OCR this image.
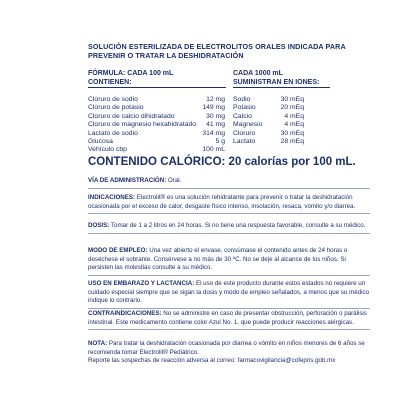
SOLUCIÓN ESTERILIZADA DE ELECTROLITOS ORALES INDICADA PARA PREVENIR O TRATAR LA DESHIDRATACIÓN
FÓRMULA: CADA 100 mL
CONTIENEN:
CADA 1000 mL
SUMINISTRAN EN IONES:
Cloruro de sodio	12 mg
Cloruro de potasio	149 mg
Cloruro de calcio dihidratado	30 mg
Cloruro de magnesio hexahidratado	41 mg
Lactato de sodio	314 mg
Glucosa	5 g
Vehículo cbp	100 mL
Sodio	30 mEq
Potasio	20 mEq
Calcio	4 mEq
Magnesio	4 mEq
Cloruro	30 mEq
Lactato	28 mEq
CONTENIDO CALÓRICO: 20 calorías por 100 mL.
VÍA DE ADMINISTRACIÓN: Oral.
INDICACIONES: Electrolit® es una solución rehidratante para prevenir o tratar la deshidratación ocasionada por el exceso de calor, desgaste físico intenso, insolación, resaca, vómito y/o diarrea.
DOSIS: Tomar de 1 a 2 litros en 24 horas. Si no tiene una respuesta favorable, consulte a su médico.
MODO DE EMPLEO: Una vez abierto el envase, consúmase el contenido antes de 24 horas o deséchese el sobrante. Consérvese a no más de 30 ºC. No se deje al alcance de los niños. Si persisten las molestias consulte a su médico.
USO EN EMBARAZO Y LACTANCIA: El uso de este producto durante estos estados no requiere un cuidado especial siempre que se sigan la dosis y modo de empleo señalados, a menos que su médico indique lo contrario.
CONTRAINDICACIONES: No se administre en caso de presentar obstrucción, perforación o parálisis intestinal. Este medicamento contiene color Azul No. 1, que puede producir reacciones alérgicas.
NOTA: Para tratar la deshidratación ocasionada por diarrea o vómito en niños menores de 6 años se recomienda tomar Electrolit® Pediátrico.
Reporte las sospechas de reacción adversa al correo: farmacovigilancia@cofepris.gob.mx
